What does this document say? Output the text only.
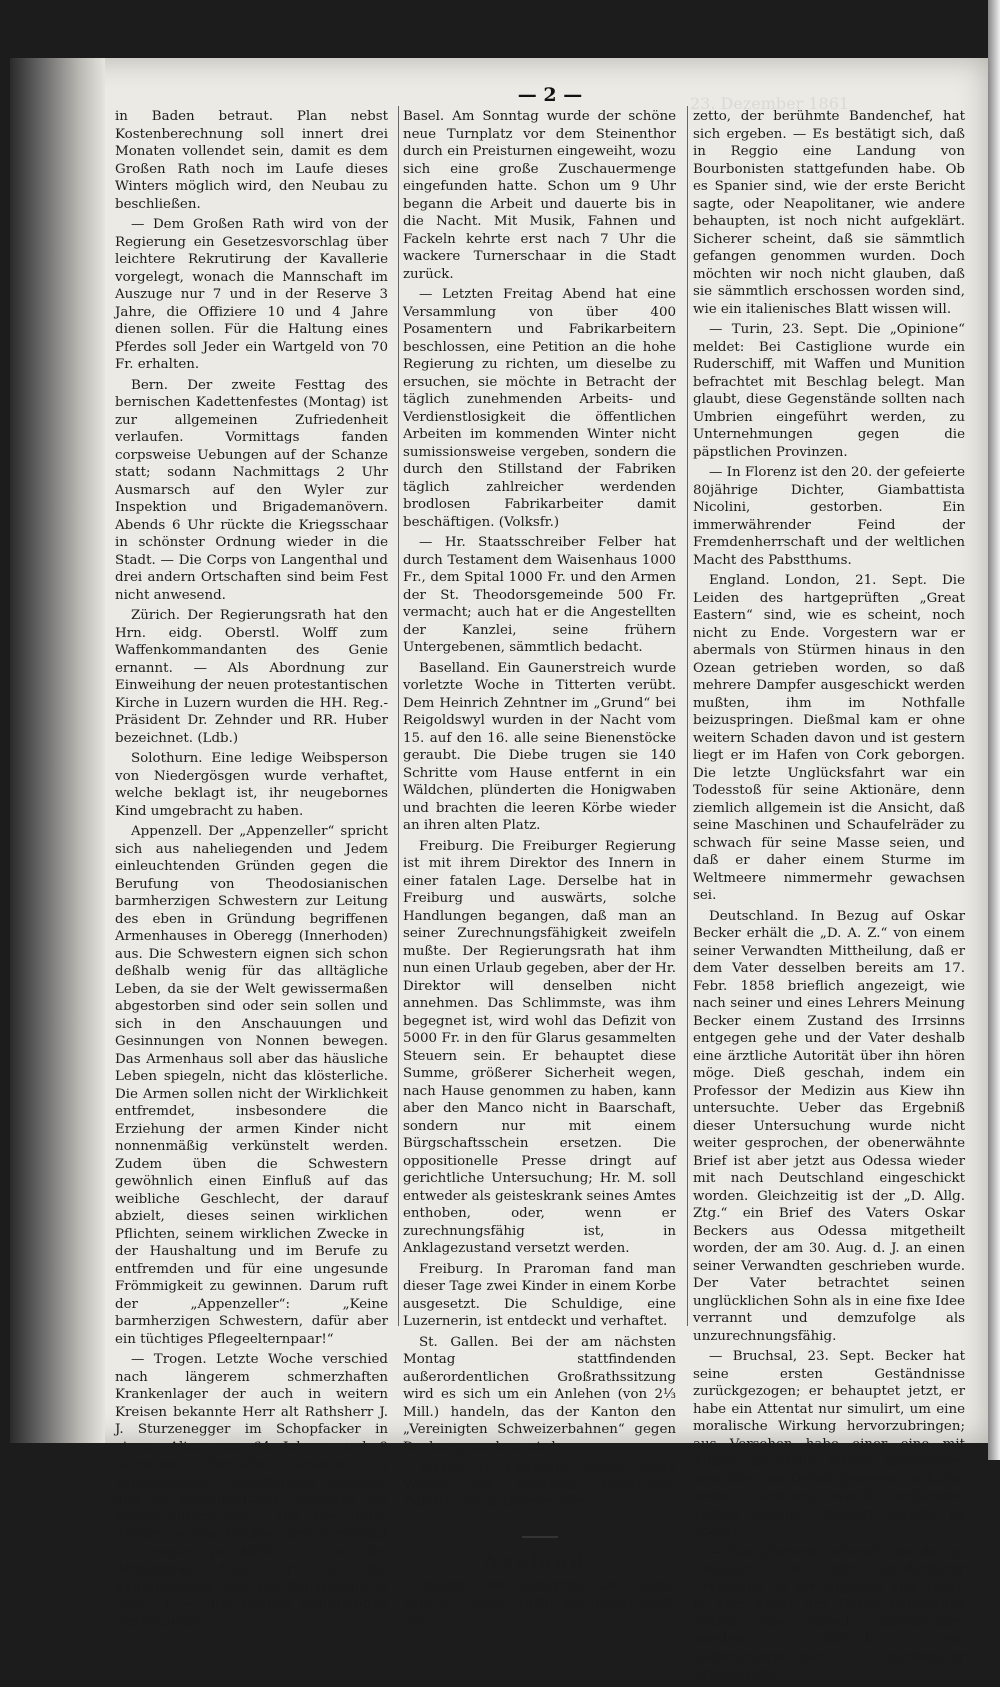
23. Dezember 1861
— 2 —

in Baden betraut. Plan nebst Kostenberechnung soll innert drei Monaten vollendet sein, damit es dem Großen Rath noch im Laufe dieses Winters möglich wird, den Neubau zu beschließen.

— Dem Großen Rath wird von der Regierung ein Gesetzesvorschlag über leichtere Rekrutirung der Kavallerie vorgelegt, wonach die Mannschaft im Auszuge nur 7 und in der Reserve 3 Jahre, die Offiziere 10 und 4 Jahre dienen sollen. Für die Haltung eines Pferdes soll Jeder ein Wartgeld von 70 Fr. erhalten.

Bern. Der zweite Festtag des bernischen Kadettenfestes (Montag) ist zur allgemeinen Zufriedenheit verlaufen. Vormittags fanden corpsweise Uebungen auf der Schanze statt; sodann Nachmittags 2 Uhr Ausmarsch auf den Wyler zur Inspektion und Brigademanövern. Abends 6 Uhr rückte die Kriegsschaar in schönster Ordnung wieder in die Stadt. — Die Corps von Langenthal und drei andern Ortschaften sind beim Fest nicht anwesend.

Zürich. Der Regierungsrath hat den Hrn. eidg. Oberstl. Wolff zum Waffenkommandanten des Genie ernannt. — Als Abordnung zur Einweihung der neuen protestantischen Kirche in Luzern wurden die HH. Reg.-Präsident Dr. Zehnder und RR. Huber bezeichnet. (Ldb.)

Solothurn. Eine ledige Weibsperson von Niedergösgen wurde verhaftet, welche beklagt ist, ihr neugebornes Kind umgebracht zu haben.

Appenzell. Der „Appenzeller“ spricht sich aus naheliegenden und Jedem einleuchtenden Gründen gegen die Berufung von Theodosianischen barmherzigen Schwestern zur Leitung des eben in Gründung begriffenen Armenhauses in Oberegg (Innerhoden) aus. Die Schwestern eignen sich schon deßhalb wenig für das alltägliche Leben, da sie der Welt gewissermaßen abgestorben sind oder sein sollen und sich in den Anschauungen und Gesinnungen von Nonnen bewegen. Das Armenhaus soll aber das häusliche Leben spiegeln, nicht das klösterliche. Die Armen sollen nicht der Wirklichkeit entfremdet, insbesondere die Erziehung der armen Kinder nicht nonnenmäßig verkünstelt werden. Zudem üben die Schwestern gewöhnlich einen Einfluß auf das weibliche Geschlecht, der darauf abzielt, dieses seinen wirklichen Pflichten, seinem wirklichen Zwecke in der Haushaltung und im Berufe zu entfremden und für eine ungesunde Frömmigkeit zu gewinnen. Darum ruft der „Appenzeller“: „Keine barmherzigen Schwestern, dafür aber ein tüchtiges Pflegeelternpaar!“

— Trogen. Letzte Woche verschied nach längerem schmerzhaften Krankenlager der auch in weitern Kreisen bekannte Herr alt Rathsherr J. J. Sturzenegger im Schopfacker in einem Alter von 64 Jahren und 9 Monaten. Derselbe testirte zu verschiedenen wohlthätigen Zwecken und an gemeinnützige Anstalten die schöne Summe von 17,200 Frkn., unter Andern an das Kirchen- und Armengut in Trogen je 4000 Fr., an das Armenhaus 4000 Fr., an die Kantonsschule und die Schurtanne je 2000 Fr. — Ehre solchen wohlthätigen Gesinnungen.

Basel. Am Sonntag wurde der schöne neue Turnplatz vor dem Steinenthor durch ein Preisturnen eingeweiht, wozu sich eine große Zuschauermenge eingefunden hatte. Schon um 9 Uhr begann die Arbeit und dauerte bis in die Nacht. Mit Musik, Fahnen und Fackeln kehrte erst nach 7 Uhr die wackere Turnerschaar in die Stadt zurück.

— Letzten Freitag Abend hat eine Versammlung von über 400 Posamentern und Fabrikarbeitern beschlossen, eine Petition an die hohe Regierung zu richten, um dieselbe zu ersuchen, sie möchte in Betracht der täglich zunehmenden Arbeits- und Verdienstlosigkeit die öffentlichen Arbeiten im kommenden Winter nicht sumissionsweise vergeben, sondern die durch den Stillstand der Fabriken täglich zahlreicher werdenden brodlosen Fabrikarbeiter damit beschäftigen. (Volksfr.)

— Hr. Staatsschreiber Felber hat durch Testament dem Waisenhaus 1000 Fr., dem Spital 1000 Fr. und den Armen der St. Theodorsgemeinde 500 Fr. vermacht; auch hat er die Angestellten der Kanzlei, seine frühern Untergebenen, sämmtlich bedacht.

Baselland. Ein Gaunerstreich wurde vorletzte Woche in Titterten verübt. Dem Heinrich Zehntner im „Grund“ bei Reigoldswyl wurden in der Nacht vom 15. auf den 16. alle seine Bienenstöcke geraubt. Die Diebe trugen sie 140 Schritte vom Hause entfernt in ein Wäldchen, plünderten die Honigwaben und brachten die leeren Körbe wieder an ihren alten Platz.

Freiburg. Die Freiburger Regierung ist mit ihrem Direktor des Innern in einer fatalen Lage. Derselbe hat in Freiburg und auswärts, solche Handlungen begangen, daß man an seiner Zurechnungsfähigkeit zweifeln mußte. Der Regierungsrath hat ihm nun einen Urlaub gegeben, aber der Hr. Direktor will denselben nicht annehmen. Das Schlimmste, was ihm begegnet ist, wird wohl das Defizit von 5000 Fr. in den für Glarus gesammelten Steuern sein. Er behauptet diese Summe, größerer Sicherheit wegen, nach Hause genommen zu haben, kann aber den Manco nicht in Baarschaft, sondern nur mit einem Bürgschaftsschein ersetzen. Die oppositionelle Presse dringt auf gerichtliche Untersuchung; Hr. M. soll entweder als geisteskrank seines Amtes enthoben, oder, wenn er zurechnungsfähig ist, in Anklagezustand versetzt werden.

Freiburg. In Praroman fand man dieser Tage zwei Kinder in einem Korbe ausgesetzt. Die Schuldige, eine Luzernerin, ist entdeckt und verhaftet.

St. Gallen. Bei der am nächsten Montag stattfindenden außerordentlichen Großrathssitzung wird es sich um ein Anlehen (von 2⅓ Mill.) handeln, das der Kanton den „Vereinigten Schweizerbahnen“ gegen Deckung machen wird.

Waadt. In Lausanne weilte letzte Woche der bekannte kaiserliche Publizist de la Guéronnière.

Ausland.

Italien. Eine Depesche aus Neapel vom 21. (über Turin kommend) sagt: Co-

zetto, der berühmte Bandenchef, hat sich ergeben. — Es bestätigt sich, daß in Reggio eine Landung von Bourbonisten stattgefunden habe. Ob es Spanier sind, wie der erste Bericht sagte, oder Neapolitaner, wie andere behaupten, ist noch nicht aufgeklärt. Sicherer scheint, daß sie sämmtlich gefangen genommen wurden. Doch möchten wir noch nicht glauben, daß sie sämmtlich erschossen worden sind, wie ein italienisches Blatt wissen will.

— Turin, 23. Sept. Die „Opinione“ meldet: Bei Castiglione wurde ein Ruderschiff, mit Waffen und Munition befrachtet mit Beschlag belegt. Man glaubt, diese Gegenstände sollten nach Umbrien eingeführt werden, zu Unternehmungen gegen die päpstlichen Provinzen.

— In Florenz ist den 20. der gefeierte 80jährige Dichter, Giambattista Nicolini, gestorben. Ein immerwährender Feind der Fremdenherrschaft und der weltlichen Macht des Pabstthums.

England. London, 21. Sept. Die Leiden des hartgeprüften „Great Eastern“ sind, wie es scheint, noch nicht zu Ende. Vorgestern war er abermals von Stürmen hinaus in den Ozean getrieben worden, so daß mehrere Dampfer ausgeschickt werden mußten, ihm im Nothfalle beizuspringen. Dießmal kam er ohne weitern Schaden davon und ist gestern liegt er im Hafen von Cork geborgen. Die letzte Unglücksfahrt war ein Todesstoß für seine Aktionäre, denn ziemlich allgemein ist die Ansicht, daß seine Maschinen und Schaufelräder zu schwach für seine Masse seien, und daß er daher einem Sturme im Weltmeere nimmermehr gewachsen sei.

Deutschland. In Bezug auf Oskar Becker erhält die „D. A. Z.“ von einem seiner Verwandten Mittheilung, daß er dem Vater desselben bereits am 17. Febr. 1858 brieflich angezeigt, wie nach seiner und eines Lehrers Meinung Becker einem Zustand des Irrsinns entgegen gehe und der Vater deshalb eine ärztliche Autorität über ihn hören möge. Dieß geschah, indem ein Professor der Medizin aus Kiew ihn untersuchte. Ueber das Ergebniß dieser Untersuchung wurde nicht weiter gesprochen, der obenerwähnte Brief ist aber jetzt aus Odessa wieder mit nach Deutschland eingeschickt worden. Gleichzeitig ist der „D. Allg. Ztg.“ ein Brief des Vaters Oskar Beckers aus Odessa mitgetheilt worden, der am 30. Aug. d. J. an einen seiner Verwandten geschrieben wurde. Der Vater betrachtet seinen unglücklichen Sohn als in eine fixe Idee verrannt und demzufolge als unzurechnungsfähig.

— Bruchsal, 23. Sept. Becker hat seine ersten Geständnisse zurückgezogen; er behauptet jetzt, er habe ein Attentat nur simulirt, um eine moralische Wirkung hervorzubringen; aus Versehen habe einer eine mit Kugeln geladene Pistole genommen; sein Ideal sei Orsini gewesen; er hoffe, seine Handlung werde beißenden Folgen erzeugen. Beckers Sprache ist konfus.

— Aus Chemnitz schreibt der dasige Anzeiger: Ein sehr sonderbarer Fremdling ist vor ungefähr vier Tagen in dem Keller des Herrn Kaufmanns Köthen hier lebendig aufgefunden worden, nämlich ein südamerikanischer leuchtender Schnellkäfer
